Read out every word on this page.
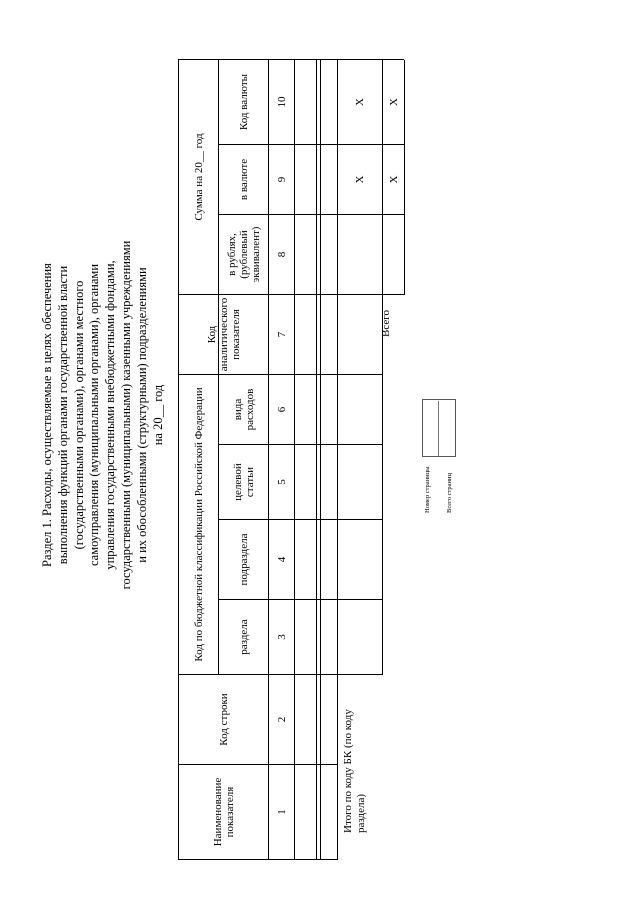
Раздел 1. Расходы, осуществляемые в целях обеспечения выполнения функций органами государственной власти (государственными органами), органами местного самоуправления (муниципальными органами), органами управления государственными внебюджетными фондами, государственными (муниципальными) казенными учреждениями и их обособленными (структурными) подразделениями на 20__ год
Наименование показателя
Код строки
Код по бюджетной классификации Российской Федерации	раздела
подраздела
целевой статьи
вида расходов
Код аналитического показателя
Сумма на 20__ год
в рублях, (рублевый эквивалент)
в валюте
Код валюты
1
2
3
4
5
6
7
8
9
10
Итого по коду БК (по коду раздела)
X
X
X
X
Всего
Номер страницы Всего страниц
